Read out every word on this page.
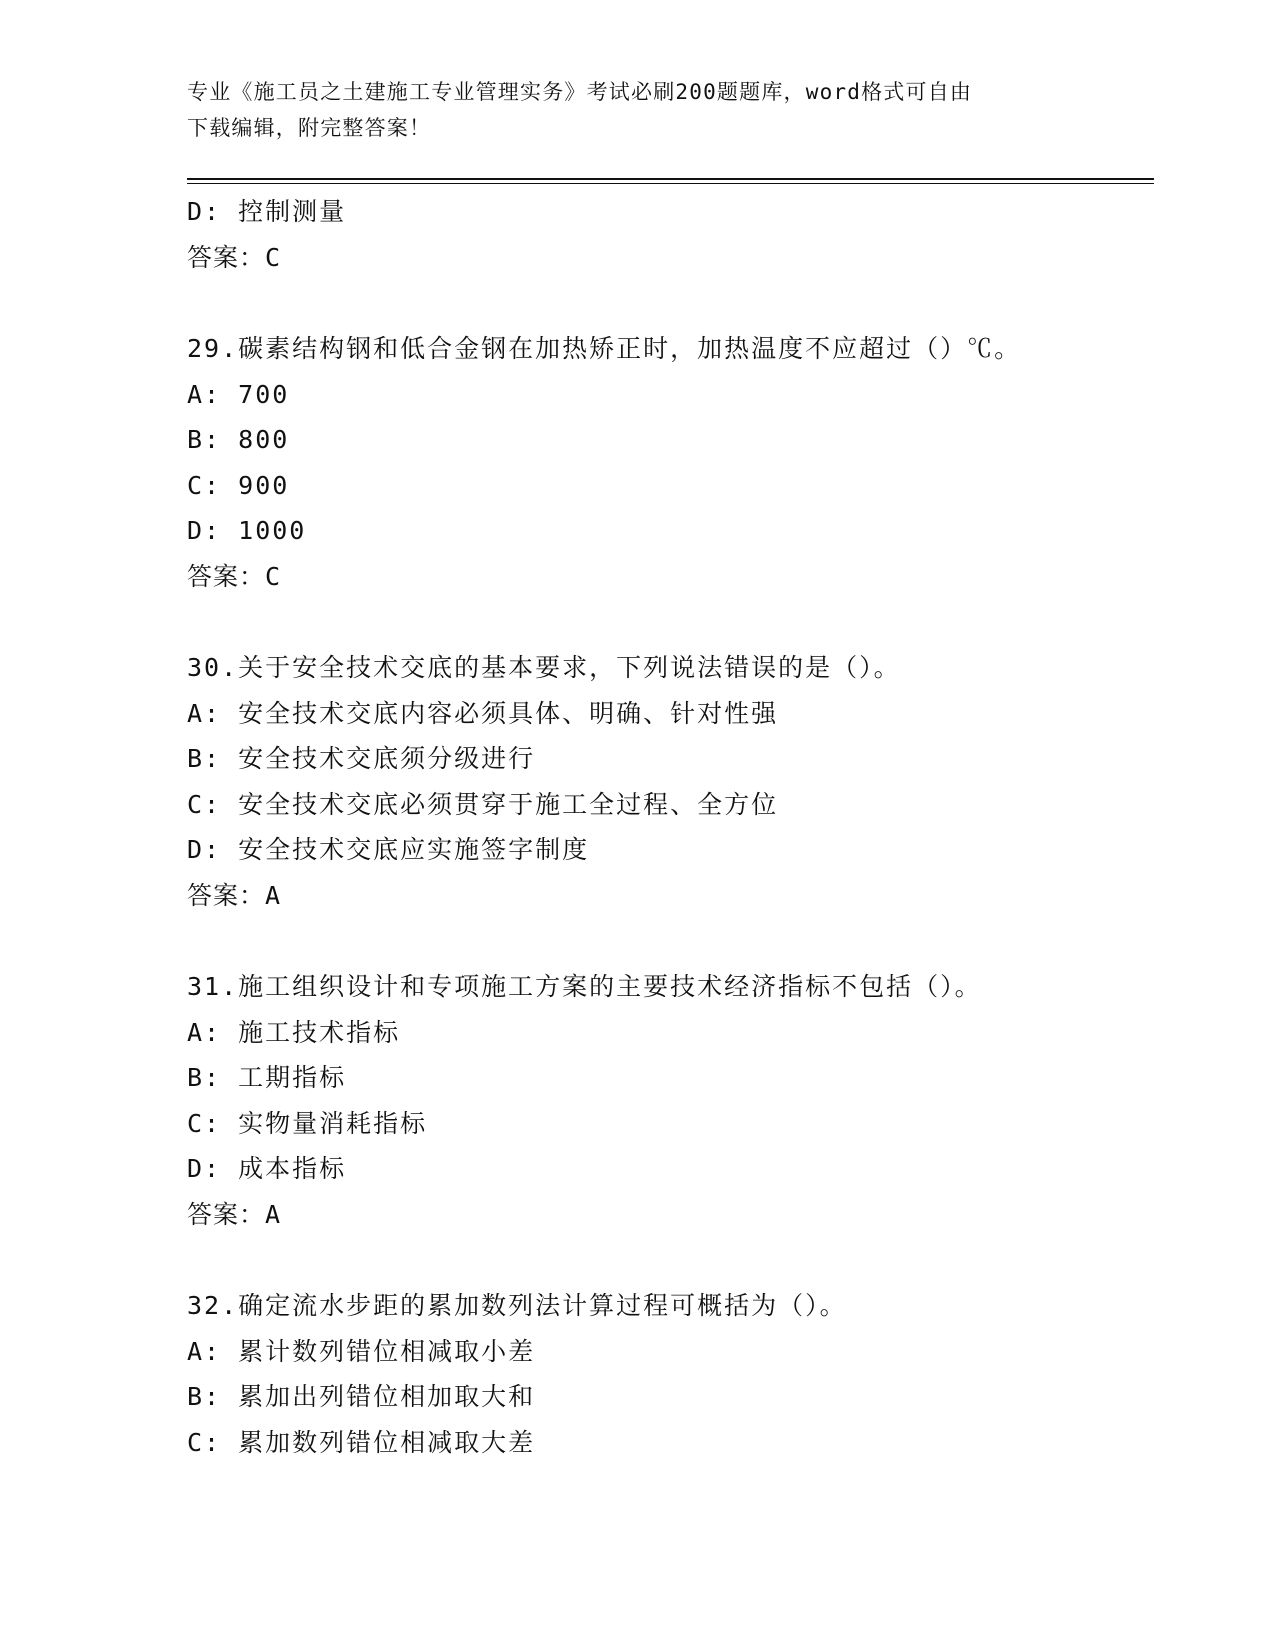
专业《施工员之土建施工专业管理实务》考试必刷200题题库，word格式可自由
下载编辑，附完整答案！
D: 控制测量
答案：C
29.碳素结构钢和低合金钢在加热矫正时，加热温度不应超过（）℃。
A: 700
B: 800
C: 900
D: 1000
答案：C
30.关于安全技术交底的基本要求，下列说法错误的是（）。
A: 安全技术交底内容必须具体、明确、针对性强
B: 安全技术交底须分级进行
C: 安全技术交底必须贯穿于施工全过程、全方位
D: 安全技术交底应实施签字制度
答案：A
31.施工组织设计和专项施工方案的主要技术经济指标不包括（）。
A: 施工技术指标
B: 工期指标
C: 实物量消耗指标
D: 成本指标
答案：A
32.确定流水步距的累加数列法计算过程可概括为（）。
A: 累计数列错位相减取小差
B: 累加出列错位相加取大和
C: 累加数列错位相减取大差
